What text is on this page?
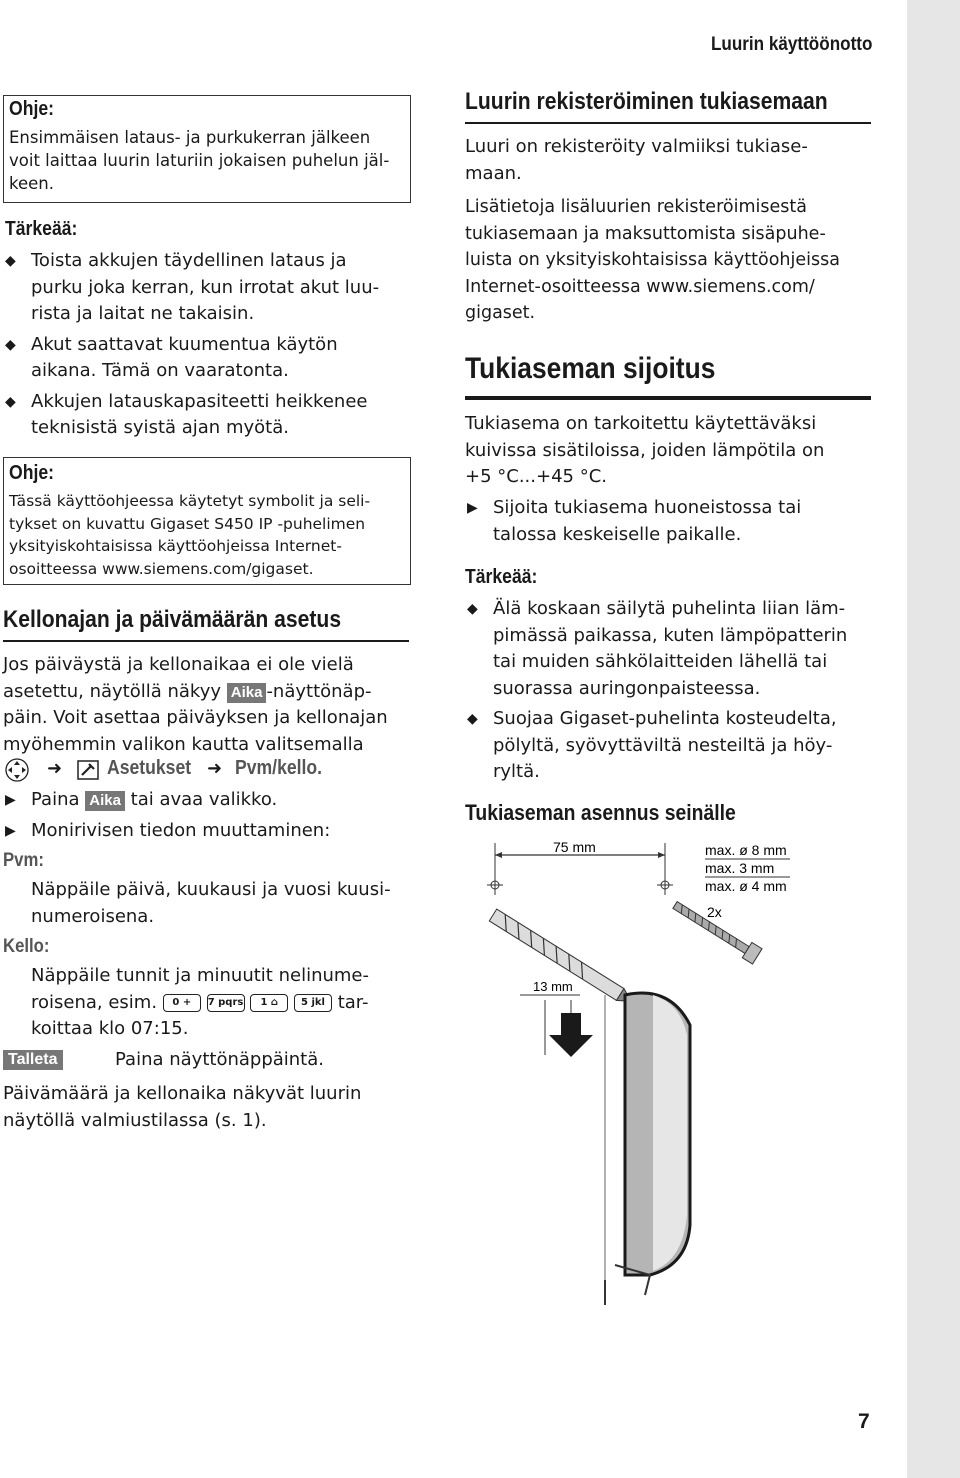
Luurin käyttöönotto
7
Ohje:
Ensimmäisen lataus- ja purkukerran jälkeen
voit laittaa luurin laturiin jokaisen puhelun jäl-
keen.
Tärkeää:
◆ Toista akkujen täydellinen lataus ja
purku joka kerran, kun irrotat akut luu-
rista ja laitat ne takaisin.
◆ Akut saattavat kuumentua käytön
aikana. Tämä on vaaratonta.
◆ Akkujen latauskapasiteetti heikkenee
teknisistä syistä ajan myötä.
Ohje:
Tässä käyttöohjeessa käytetyt symbolit ja seli-
tykset on kuvattu Gigaset S450 IP -puhelimen
yksityiskohtaisissa käyttöohjeissa Internet-
osoitteessa www.siemens.com/gigaset.
Kellonajan ja päivämäärän asetus
Jos päiväystä ja kellonaikaa ei ole vielä
asetettu, näytöllä näkyy Aika -näyttönäp-
päin. Voit asettaa päiväyksen ja kellonajan
myöhemmin valikon kautta valitsemalla
➜ Asetukset ➜ Pvm/kello.
▶ Paina Aika tai avaa valikko.
▶ Monirivisen tiedon muuttaminen:
Pvm:
Näppäile päivä, kuukausi ja vuosi kuusi-
numeroisena.
Kello:
Näppäile tunnit ja minuutit nelinume-
roisena, esim. 0 + 7 pqrs 1 ⌂ 5 jkl tar-
koittaa klo 07:15.
Talleta	Paina näyttönäppäintä.
Päivämäärä ja kellonaika näkyvät luurin
näytöllä valmiustilassa (s. 1).
Luurin rekisteröiminen tukiasemaan
Luuri on rekisteröity valmiiksi tukiase-
maan.
Lisätietoja lisäluurien rekisteröimisestä
tukiasemaan ja maksuttomista sisäpuhe-
luista on yksityiskohtaisissa käyttöohjeissa
Internet-osoitteessa www.siemens.com/
gigaset.
Tukiaseman sijoitus
Tukiasema on tarkoitettu käytettäväksi
kuivissa sisätiloissa, joiden lämpötila on
+5 °C...+45 °C.
▶ Sijoita tukiasema huoneistossa tai
talossa keskeiselle paikalle.
Tärkeää:
◆ Älä koskaan säilytä puhelinta liian läm-
pimässä paikassa, kuten lämpöpatterin
tai muiden sähkölaitteiden lähellä tai
suorassa auringonpaisteessa.
◆ Suojaa Gigaset-puhelinta kosteudelta,
pölyltä, syövyttäviltä nesteiltä ja höy-
ryltä.
Tukiaseman asennus seinälle
75 mm	max. ø 8 mm
max. 3 mm
max. ø 4 mm
2x
13 mm
